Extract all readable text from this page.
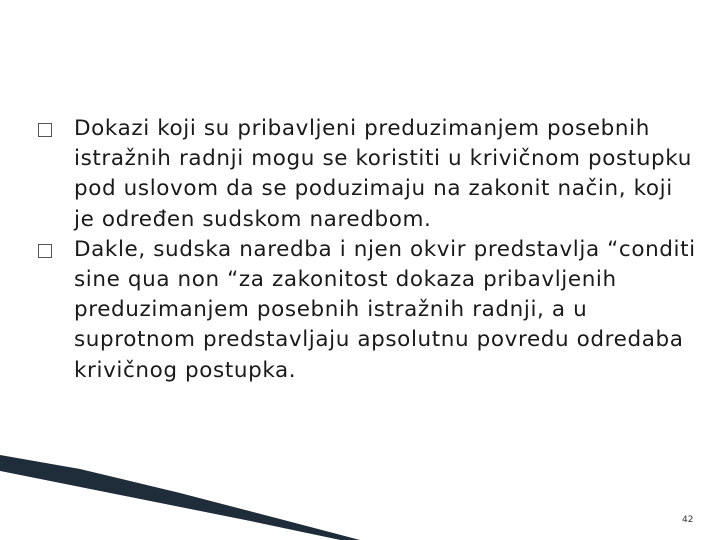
Dokazi koji su pribavljeni preduzimanjem posebnih istražnih radnji mogu se koristiti u krivičnom postupku pod uslovom da se poduzimaju na zakonit način, koji je određen sudskom naredbom.

Dakle, sudska naredba i njen okvir predstavlja “conditi sine qua non “za zakonitost dokaza pribavljenih preduzimanjem posebnih istražnih radnji, a u suprotnom predstavljaju apsolutnu povredu odredaba krivičnog postupka.

42
